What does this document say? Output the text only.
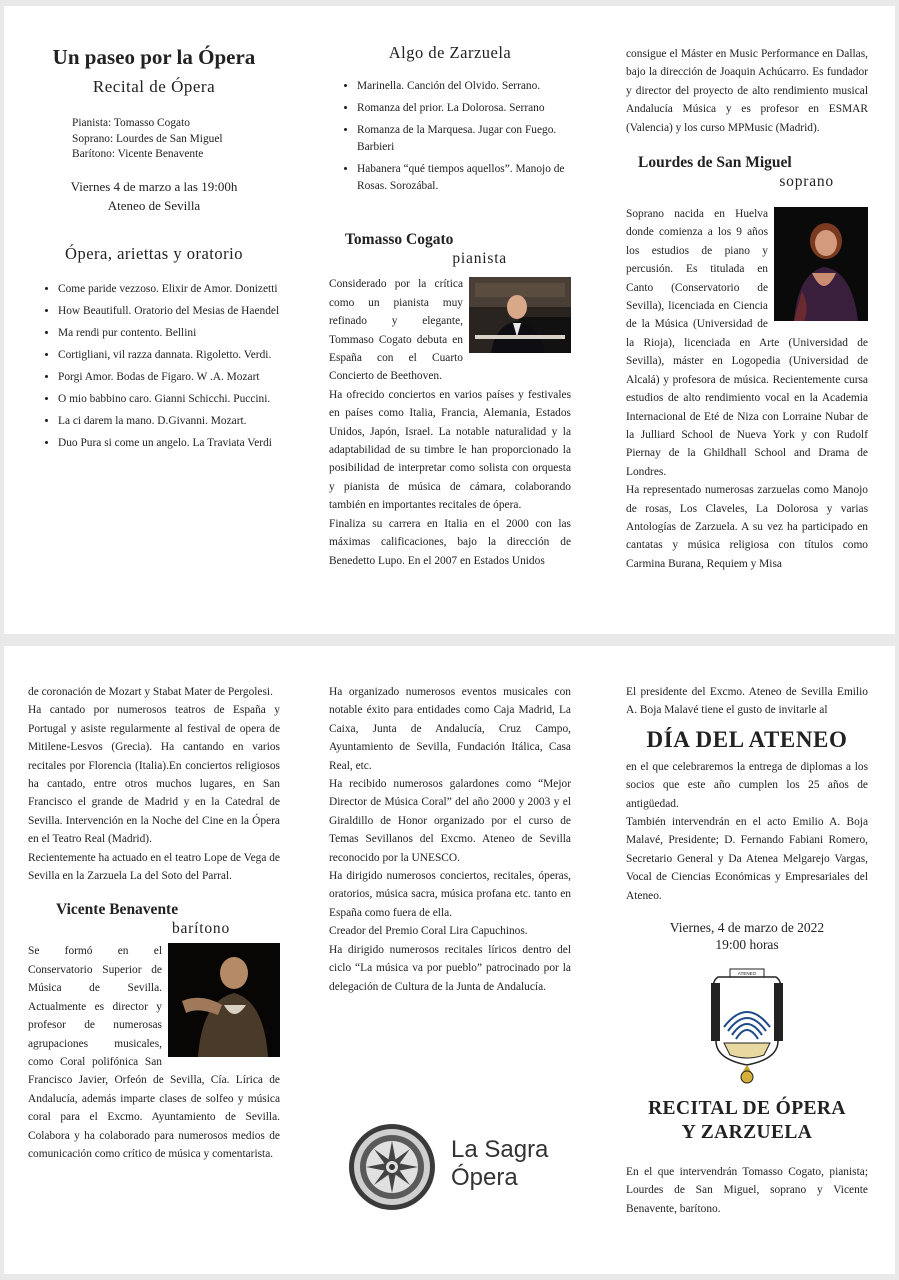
Un paseo por la Ópera
Recital de Ópera
Pianista: Tomasso Cogato
Soprano: Lourdes de San Miguel
Barítono: Vicente Benavente
Viernes 4 de marzo a las 19:00h
Ateneo de Sevilla
Ópera, ariettas y oratorio
• Come paride vezzoso. Elixir de Amor. Donizetti
• How Beautifull. Oratorio del Mesias de Haendel
• Ma rendi pur contento. Bellini
• Cortigliani, vil razza dannata. Rigoletto. Verdi.
• Porgi Amor. Bodas de Figaro. W .A. Mozart
• O mio babbino caro. Gianni Schicchi. Puccini.
• La ci darem la mano. D.Givanni. Mozart.
• Duo Pura si come un angelo. La Traviata Verdi
Algo de Zarzuela
• Marinella. Canción del Olvido. Serrano.
• Romanza del prior. La Dolorosa. Serrano
• Romanza de la Marquesa. Jugar con Fuego. Barbieri
• Habanera “qué tiempos aquellos”. Manojo de Rosas. Sorozábal.
Tomasso Cogato
pianista

Considerado por la crítica como un pianista muy refinado y elegante, Tommaso Cogato debuta en España con el Cuarto Concierto de Beethoven.

Ha ofrecido conciertos en varios países y festivales en países como Italia, Francia, Alemania, Estados Unidos, Japón, Israel. La notable naturalidad y la adaptabilidad de su timbre le han proporcionado la posibilidad de interpretar como solista con orquesta y pianista de música de cámara, colaborando también en importantes recitales de ópera.

Finaliza su carrera en Italia en el 2000 con las máximas calificaciones, bajo la dirección de Benedetto Lupo. En el 2007 en Estados Unidos

consigue el Máster en Music Performance en Dallas, bajo la dirección de Joaquin Achúcarro. Es fundador y director del proyecto de alto rendimiento musical Andalucía Música y es profesor en ESMAR (Valencia) y los curso MPMusic (Madrid).

Lourdes de San Miguel
soprano

Soprano nacida en Huelva donde comienza a los 9 años los estudios de piano y percusión. Es titulada en Canto (Conservatorio de Sevilla), licenciada en Ciencia de la Música (Universidad de la Rioja), licenciada en Arte (Universidad de Sevilla), máster en Logopedia (Universidad de Alcalá) y profesora de música. Recientemente cursa estudios de alto rendimiento vocal en la Academia Internacional de Eté de Niza con Lorraine Nubar de la Julliard School de Nueva York y con Rudolf Piernay de la Ghildhall School and Drama de Londres.

Ha representado numerosas zarzuelas como Manojo de rosas, Los Claveles, La Dolorosa y varias Antologías de Zarzuela. A su vez ha participado en cantatas y música religiosa con títulos como Carmina Burana, Requiem y Misa

de coronación de Mozart y Stabat Mater de Pergolesi.

Ha cantado por numerosos teatros de España y Portugal y asiste regularmente al festival de opera de Mitilene-Lesvos (Grecia). Ha cantando en varios recitales por Florencia (Italia).En conciertos religiosos ha cantado, entre otros muchos lugares, en San Francisco el grande de Madrid y en la Catedral de Sevilla. Intervención en la Noche del Cine en la Ópera en el Teatro Real (Madrid).

Recientemente ha actuado en el teatro Lope de Vega de Sevilla en la Zarzuela La del Soto del Parral.

Vicente Benavente
barítono

Se formó en el Conservatorio Superior de Música de Sevilla. Actualmente es director y profesor de numerosas agrupaciones musicales, como Coral polifónica San Francisco Javier, Orfeón de Sevilla, Cía. Lírica de Andalucía, además imparte clases de solfeo y música coral para el Excmo. Ayuntamiento de Sevilla. Colabora y ha colaborado para numerosos medios de comunicación como crítico de música y comentarista.

Ha organizado numerosos eventos musicales con notable éxito para entidades como Caja Madrid, La Caixa, Junta de Andalucía, Cruz Campo, Ayuntamiento de Sevilla, Fundación Itálica, Casa Real, etc.

Ha recibido numerosos galardones como “Mejor Director de Música Coral” del año 2000 y 2003 y el Giraldillo de Honor organizado por el curso de Temas Sevillanos del Excmo. Ateneo de Sevilla reconocido por la UNESCO.

Ha dirigido numerosos conciertos, recitales, óperas, oratorios, música sacra, música profana etc. tanto en España como fuera de ella.

Creador del Premio Coral Lira Capuchinos.

Ha dirigido numerosos recitales líricos dentro del ciclo “La música va por pueblo” patrocinado por la delegación de Cultura de la Junta de Andalucía.

La Sagra
Ópera

El presidente del Excmo. Ateneo de Sevilla Emilio A. Boja Malavé tiene el gusto de invitarle al

DÍA DEL ATENEO

en el que celebraremos la entrega de diplomas a los socios que este año cumplen los 25 años de antigüedad.

También intervendrán en el acto Emilio A. Boja Malavé, Presidente; D. Fernando Fabiani Romero, Secretario General y Da Atenea Melgarejo Vargas, Vocal de Ciencias Económicas y Empresariales del Ateneo.

Viernes, 4 de marzo de 2022
19:00 horas
ATENEO
RECITAL DE ÓPERA
Y ZARZUELA

En el que intervendrán Tomasso Cogato, pianista; Lourdes de San Miguel, soprano y Vicente Benavente, barítono.
